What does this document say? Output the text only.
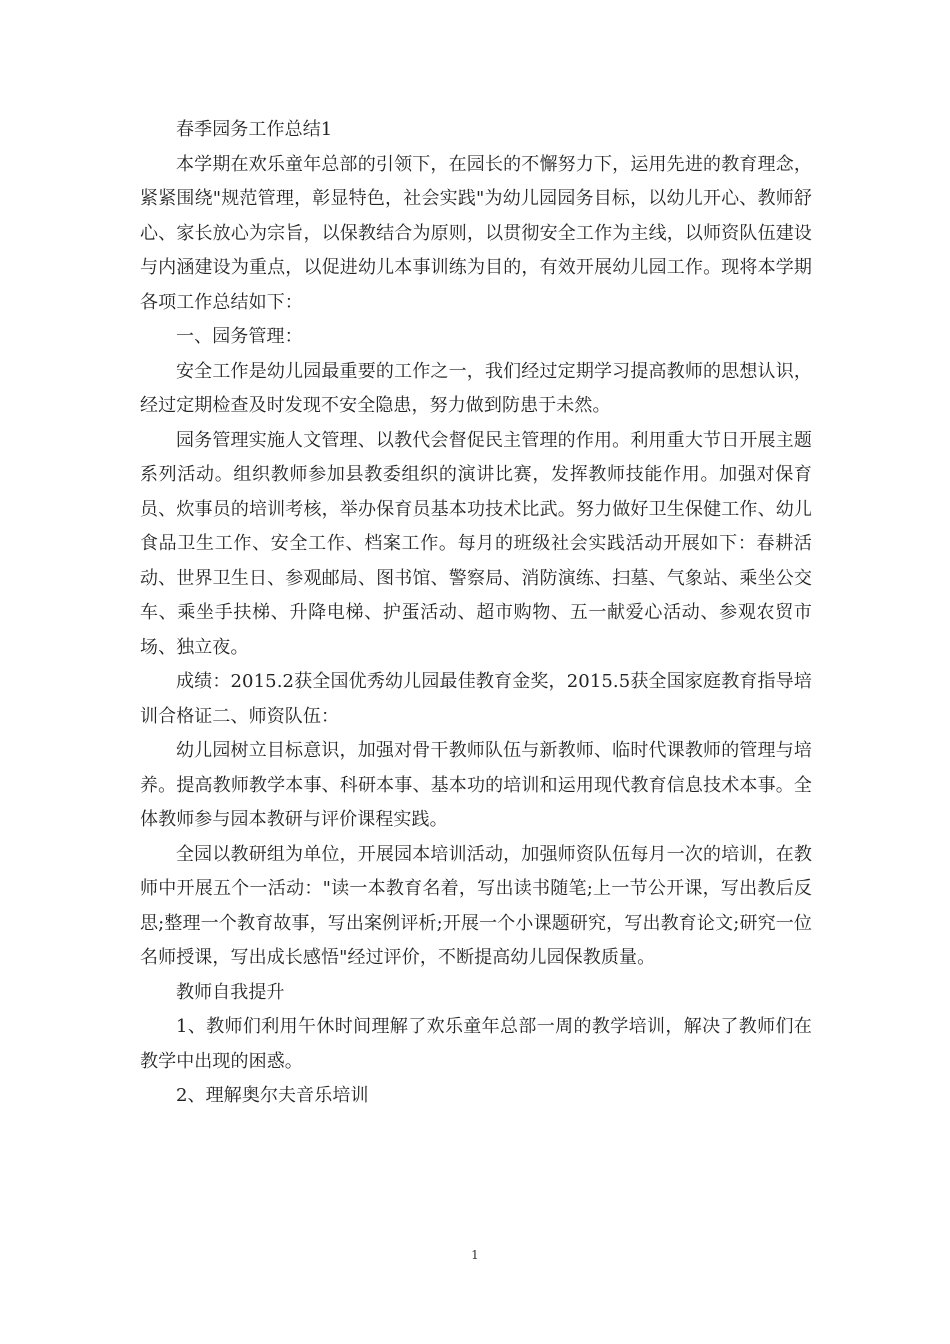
春季园务工作总结1

本学期在欢乐童年总部的引领下，在园长的不懈努力下，运用先进的教育理念，紧紧围绕"规范管理，彰显特色，社会实践"为幼儿园园务目标，以幼儿开心、教师舒心、家长放心为宗旨，以保教结合为原则，以贯彻安全工作为主线，以师资队伍建设与内涵建设为重点，以促进幼儿本事训练为目的，有效开展幼儿园工作。现将本学期各项工作总结如下：

一、园务管理：

安全工作是幼儿园最重要的工作之一，我们经过定期学习提高教师的思想认识，经过定期检查及时发现不安全隐患，努力做到防患于未然。

园务管理实施人文管理、以教代会督促民主管理的作用。利用重大节日开展主题系列活动。组织教师参加县教委组织的演讲比赛，发挥教师技能作用。加强对保育员、炊事员的培训考核，举办保育员基本功技术比武。努力做好卫生保健工作、幼儿食品卫生工作、安全工作、档案工作。每月的班级社会实践活动开展如下：春耕活动、世界卫生日、参观邮局、图书馆、警察局、消防演练、扫墓、气象站、乘坐公交车、乘坐手扶梯、升降电梯、护蛋活动、超市购物、五一献爱心活动、参观农贸市场、独立夜。

成绩：2015.2获全国优秀幼儿园最佳教育金奖，2015.5获全国家庭教育指导培训合格证二、师资队伍：

幼儿园树立目标意识，加强对骨干教师队伍与新教师、临时代课教师的管理与培养。提高教师教学本事、科研本事、基本功的培训和运用现代教育信息技术本事。全体教师参与园本教研与评价课程实践。

全园以教研组为单位，开展园本培训活动，加强师资队伍每月一次的培训，在教师中开展五个一活动："读一本教育名着，写出读书随笔;上一节公开课，写出教后反思;整理一个教育故事，写出案例评析;开展一个小课题研究，写出教育论文;研究一位名师授课，写出成长感悟"经过评价，不断提高幼儿园保教质量。

教师自我提升

1、教师们利用午休时间理解了欢乐童年总部一周的教学培训，解决了教师们在教学中出现的困惑。

2、理解奥尔夫音乐培训

1
